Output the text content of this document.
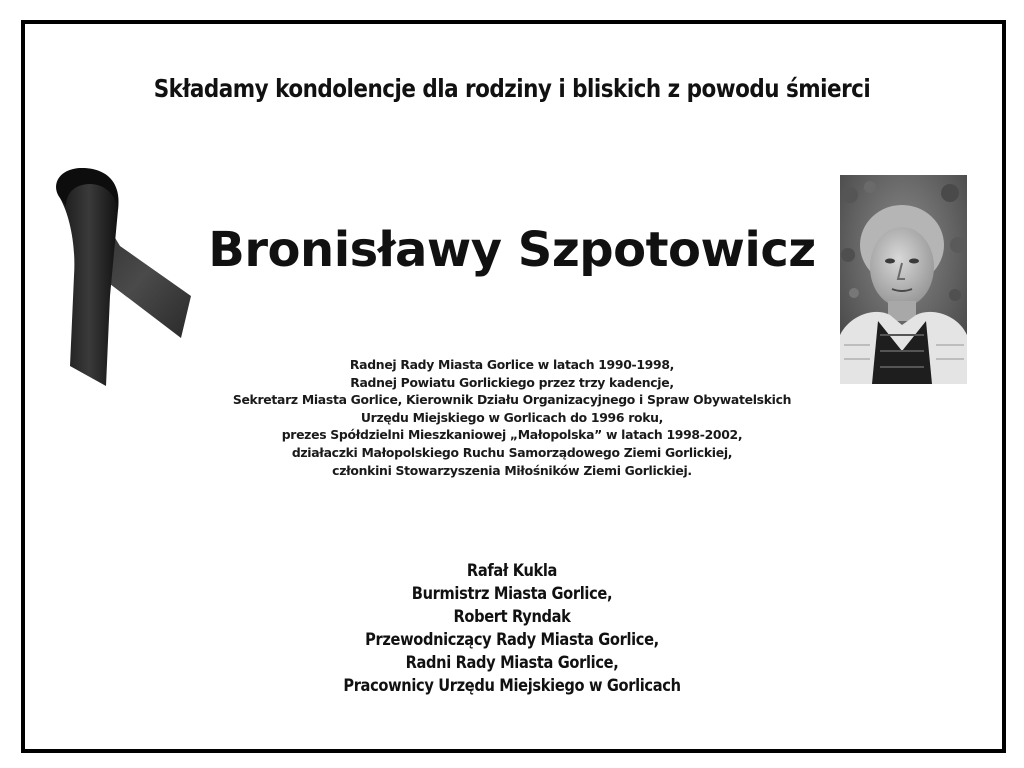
Składamy kondolencje dla rodziny i bliskich z powodu śmierci
Bronisławy Szpotowicz
Radnej Rady Miasta Gorlice w latach 1990-1998,
Radnej Powiatu Gorlickiego przez trzy kadencje,
Sekretarz Miasta Gorlice, Kierownik Działu Organizacyjnego i Spraw Obywatelskich
Urzędu Miejskiego w Gorlicach do 1996 roku,
prezes Spółdzielni Mieszkaniowej „Małopolska” w latach 1998-2002,
działaczki Małopolskiego Ruchu Samorządowego Ziemi Gorlickiej,
członkini Stowarzyszenia Miłośników Ziemi Gorlickiej.
Rafał Kukla
Burmistrz Miasta Gorlice,
Robert Ryndak
Przewodniczący Rady Miasta Gorlice,
Radni Rady Miasta Gorlice,
Pracownicy Urzędu Miejskiego w Gorlicach
